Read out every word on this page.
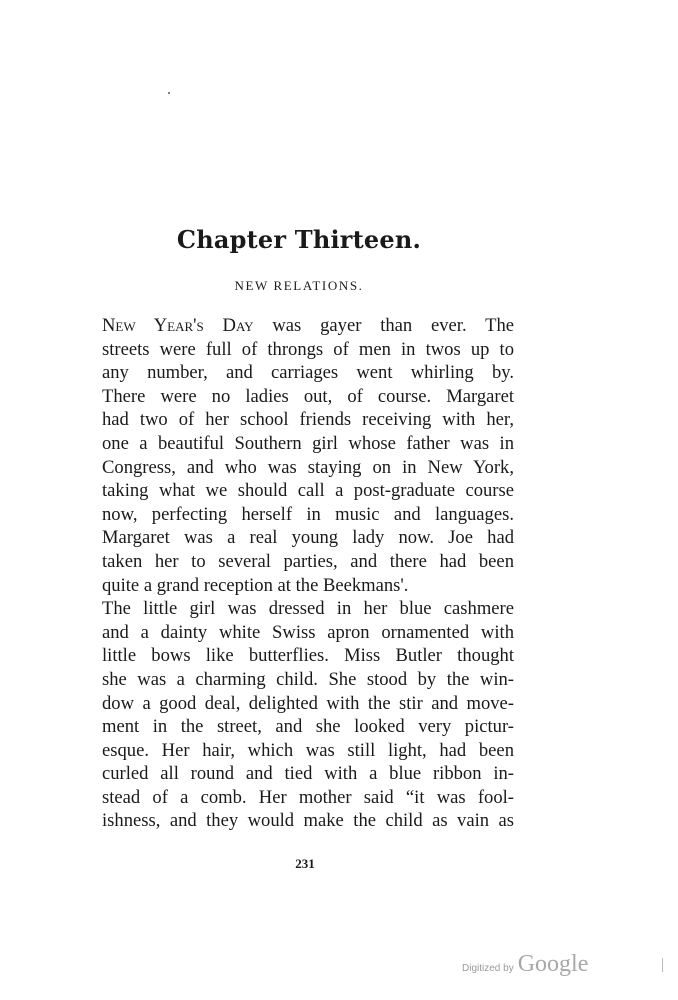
Chapter Thirteen.
NEW RELATIONS.
New Year's Day was gayer than ever. The
streets were full of throngs of men in twos up to
any number, and carriages went whirling by.
There were no ladies out, of course. Margaret
had two of her school friends receiving with her,
one a beautiful Southern girl whose father was in
Congress, and who was staying on in New York,
taking what we should call a post-graduate course
now, perfecting herself in music and languages.
Margaret was a real young lady now. Joe had
taken her to several parties, and there had been
quite a grand reception at the Beekmans'.
The little girl was dressed in her blue cashmere
and a dainty white Swiss apron ornamented with
little bows like butterflies. Miss Butler thought
she was a charming child. She stood by the win-
dow a good deal, delighted with the stir and move-
ment in the street, and she looked very pictur-
esque. Her hair, which was still light, had been
curled all round and tied with a blue ribbon in-
stead of a comb. Her mother said “it was fool-
ishness, and they would make the child as vain as
231
Digitized by Google
